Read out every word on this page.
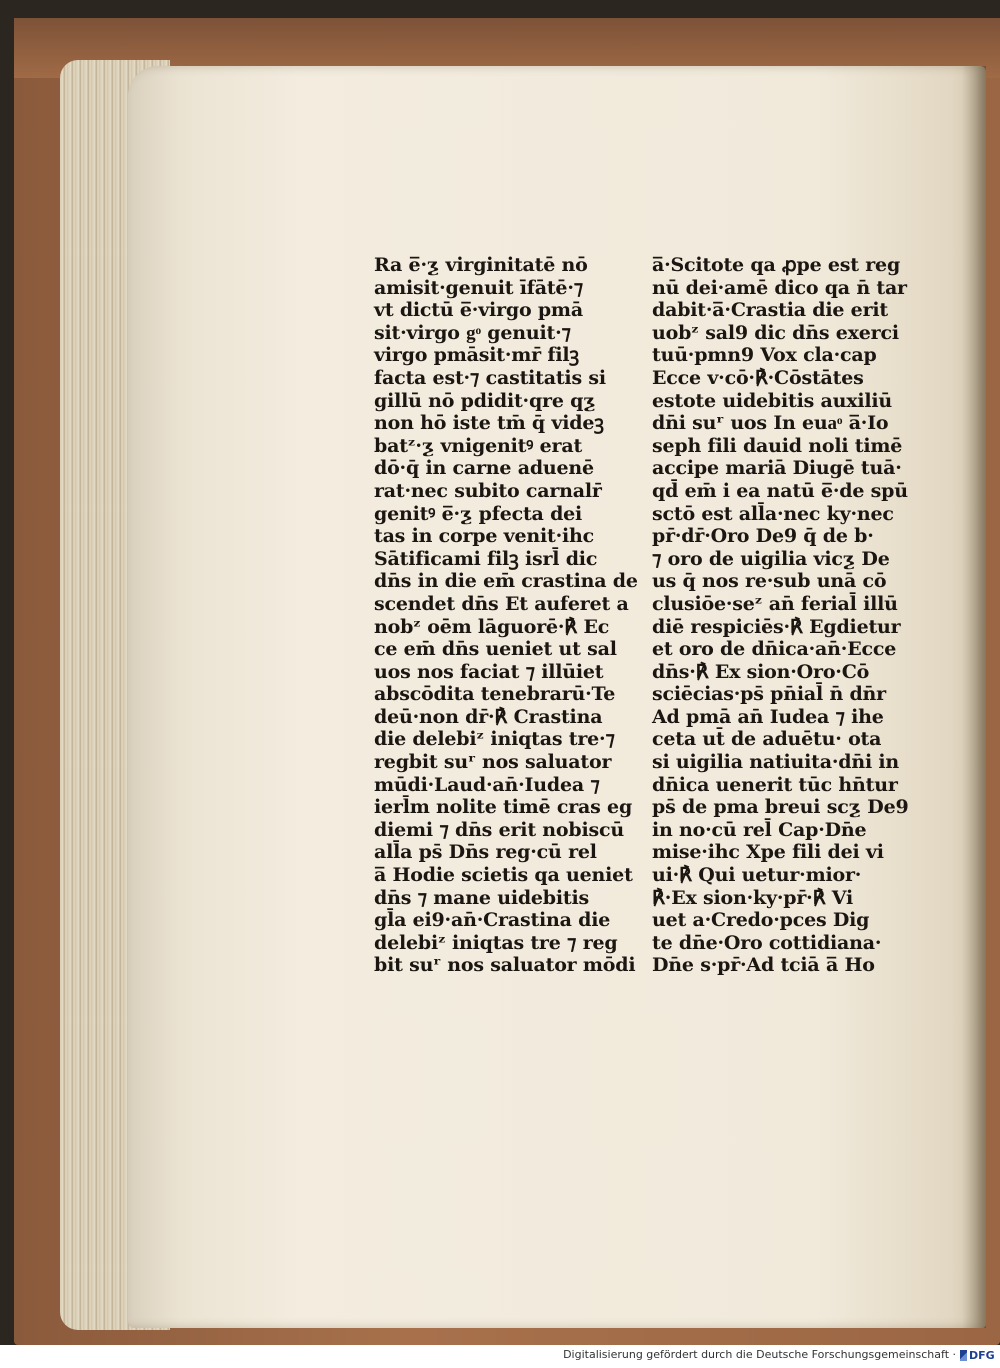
Ra e̅·ƺ virginitatē nō
amisit·genuit īfātē·⁊
vt dictū e̅·virgo pmā
sit·virgo gͦ genuit·⁊
virgo pmāsit·mr̄ filꝫ
facta est·⁊ castitatis si
gillū nō pdidit·qre qƺ
non hō iste tm̄ q̄ videꝫ
batᶻ·ƺ vnigenitꝰ erat
dō·q̄ in carne aduenē
rat·nec subito carnalr̄
genitꝰ e̅·ƺ pfecta dei
tas in corpe venit·ihc
Sātificami filꝫ isrl̄ dic
dn̄s in die em̄ crastina de
scendet dn̄s Et auferet a
nobᶻ oēm lāguorē·℟ Ec
ce em̄ dn̄s ueniet ut sal
uos nos faciat ⁊ illūiet
abscōdita tenebrarū·Te
deū·non dr̄·℟ Crastina
die delebiᶻ iniqtas tre·⁊
regbit suʳ nos saluator
mūdi·Laud·an̄·Iudea ⁊
ierl̄m nolite timē cras eg
diemi ⁊ dn̄s erit nobiscū
all̄a ps̄ Dn̄s reg·cū rel
a̅ Hodie scietis qa ueniet
dn̄s ⁊ mane uidebitis
gl̄a ei9·an̄·Crastina die
delebiᶻ iniqtas tre ⁊ reg
bit suʳ nos saluator mōdi
a̅·Scitote qa ꝓpe est reg
nū dei·amē dico qa n̄ tar
dabit·a̅·Crastia die erit
uobᶻ sal9 dic dn̄s exerci
tuū·pmn9 Vox cla·cap
Ecce v·cō·℟·Cōstātes
estote uidebitis auxiliū
dn̄i suʳ uos In euaͦ a̅·Io
seph fili dauid noli timē
accipe mariā Diugē tuā·
qd̄ em̄ i ea natū e̅·de spū
sctō est all̄a·nec ky·nec
pr̄·dr̄·Oro De9 q̄ de b·
⁊ oro de uigilia vicƺ De
us q̄ nos re·sub unā cō
clusiōe·seᶻ an̄ ferial̄ illū
diē respiciēs·℟ Egdietur
et oro de dn̄ica·an̄·Ecce
dn̄s·℟ Ex sion·Oro·Cō
sciēcias·ps̄ pn̄ial̄ n̄ dn̄r
Ad pmā an̄ Iudea ⁊ ihe
ceta ut̄ de aduētu· ota
si uigilia natiuita·dn̄i in
dn̄ica uenerit tūc hn̄tur
ps̄ de pma breui scƺ De9
in no·cū rel̄ Cap·Dn̄e
mise·ihc Xpe fili dei vi
ui·℟ Qui uetur·mior·
℟·Ex sion·ky·pr̄·℟ Vi
uet a·Credo·pces Dig
te dn̄e·Oro cottidiana·
Dn̄e s·pr̄·Ad tciā a̅ Ho
Digitalisierung gefördert durch die Deutsche Forschungsgemeinschaft · DFG
